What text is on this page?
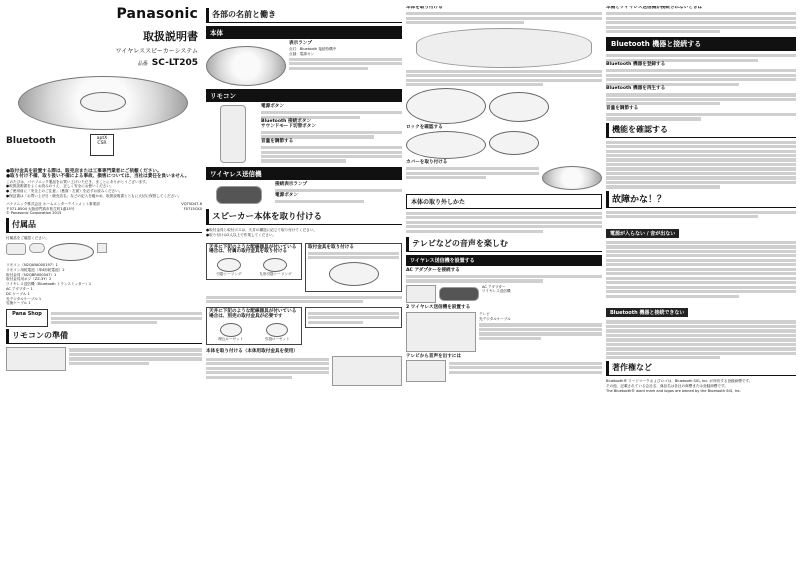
Panasonic
取扱説明書
ワイヤレススピーカーシステム
品番 SC-LT205
Bluetooth	aptX
CSR
●取付金具を設置する際は、販売店または工事専門業者にご依頼ください。
●取り付け不備、取り扱い不備による事故、損害については、当社は責任を負いません。
このたびは、パナソニック製品をお買い上げいただき、まことにありがとうございます。
●取扱説明書をよくお読みのうえ、正しく安全にお使いください。
●ご使用前に「安全上のご注意」（裏面・左面）を必ずお読みください。
●保証書は「お買い上げ日・販売店名」などの記入を確かめ、取扱説明書とともに大切に保管してください。
パナソニック株式会社 ホームエンターテインメント事業部
〒571-8504 大阪府門真市松生町1番15号
© Panasonic Corporation 2015
VQT5D47-6
F0715CK0
付属品
付属品をご確認ください。
リモコン（N2QAYA000197）1
リモコン用乾電池（単4形乾電池）2
取付金具（N2QBR000047）1
取付金具用ネジ（ZZ-3Y）2
ワイヤレス送信機（Bluetooth トランスミッター）1
AC アダプター 1
DC ケーブル 1
光デジタルケーブル 1
変換ケーブル 1
Pana Shop
リモコンの準備
各部の名前と働き
本体
表示ランプ
点灯：Bluetooth 接続待機中
点滅：電源オン
リモコン
電源ボタン
Bluetooth 接続ボタン
サウンドモード切替ボタン
音量を調節する
ワイヤレス送信機
接続表示ランプ
電源ボタン
スピーカー本体を取り付ける
●取付金具と取付ボスは、天井の構造に応じて取り付けてください。
●取り付けは2人以上で作業してください。
天井に下記のような配線器具が付いている場合は、付属の取付金具を取り付ける
引掛シーリング	丸形引掛シーリング
取付金具を取り付ける
天井に下記のような配線器具が付いている場合は、別売の取付金具が必要です
埋込ローゼット	引掛ローゼット
本体を取り付ける（本体用取付金具を使用）
本体を取り付ける
ロックを確認する
カバーを取り付ける
本体の取り外しかた
テレビなどの音声を楽しむ
ワイヤレス送信機を設置する
AC アダプターを接続する
AC アダプター
ワイヤレス送信機
2 ワイヤレス送信機を設置する
テレビ
光デジタルケーブル
テレビから音声を出すには
本機とワイヤレス送信機が接続されないときは
Bluetooth 機器と接続する
Bluetooth 機器を登録する
Bluetooth 機器を再生する
音量を調節する
機能を確認する
故障かな！？
電源が入らない / 音が出ない
Bluetooth 機器と接続できない
著作権など
Bluetooth® ワードマークおよびロゴは、Bluetooth SIG, Inc. が所有する登録商標です。
その他、記載されている会社名、商品名は各社の商標または登録商標です。
The Bluetooth® word mark and logos are owned by the Bluetooth SIG, Inc.
